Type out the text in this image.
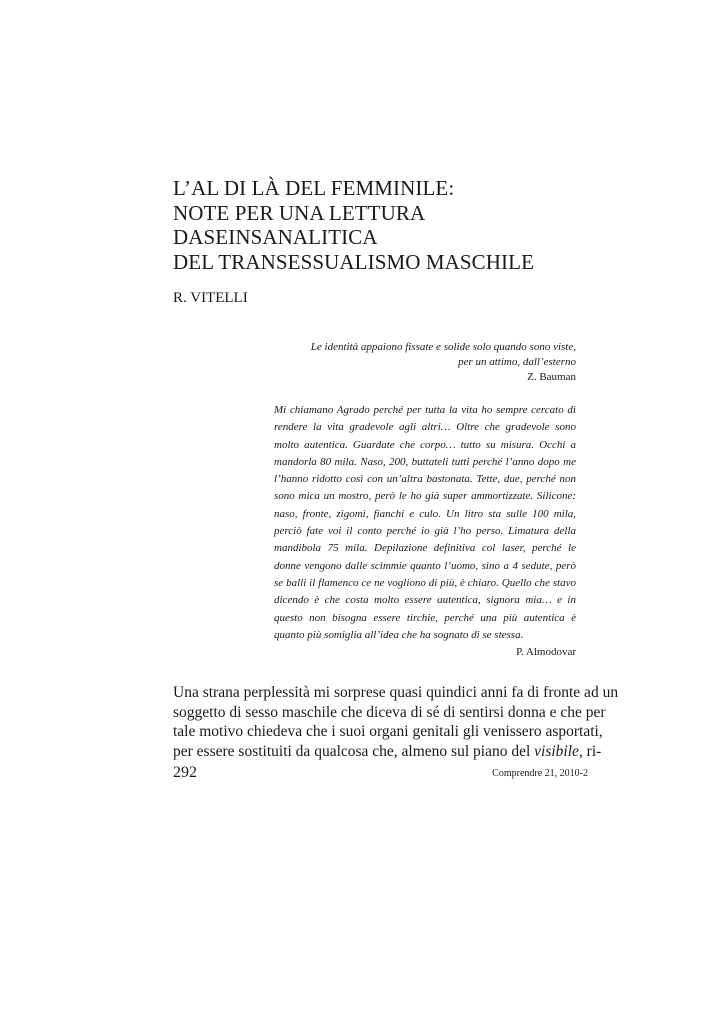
L’AL DI LÀ DEL FEMMINILE:
NOTE PER UNA LETTURA
DASEINSANALITICA
DEL TRANSESSUALISMO MASCHILE
R. VITELLI
Le identità appaiono fissate e solide solo quando sono viste,
per un attimo, dall’esterno
Z. Bauman
Mi chiamano Agrado perché per tutta la vita ho sempre cercato di
rendere la vita gradevole agli altri… Oltre che gradevole sono
molto autentica. Guardate che corpo… tutto su misura. Occhi a
mandorla 80 mila. Naso, 200, buttateli tutti perché l’anno dopo me
l’hanno ridotto così con un’altra bastonata. Tette, due, perché non
sono mica un mostro, però le ho già super ammortizzate. Silicone:
naso, fronte, zigomi, fianchi e culo. Un litro sta sulle 100 mila,
perciò fate voi il conto perché io già l’ho perso. Limatura della
mandibola 75 mila. Depilazione definitiva col laser, perché le
donne vengono dalle scimmie quanto l’uomo, sino a 4 sedute, però
se balli il flamenco ce ne vogliono di più, è chiaro. Quello che stavo
dicendo è che costa molto essere autentica, signora mia… e in
questo non bisogna essere tirchie, perché una più autentica è
quanto più somiglia all’idea che ha sognato di se stessa.
P. Almodovar
Una strana perplessità mi sorprese quasi quindici anni fa di fronte ad un
soggetto di sesso maschile che diceva di sé di sentirsi donna e che per
tale motivo chiedeva che i suoi organi genitali gli venissero asportati,
per essere sostituiti da qualcosa che, almeno sul piano del visibile, ri-
292	Comprendre 21, 2010-2
